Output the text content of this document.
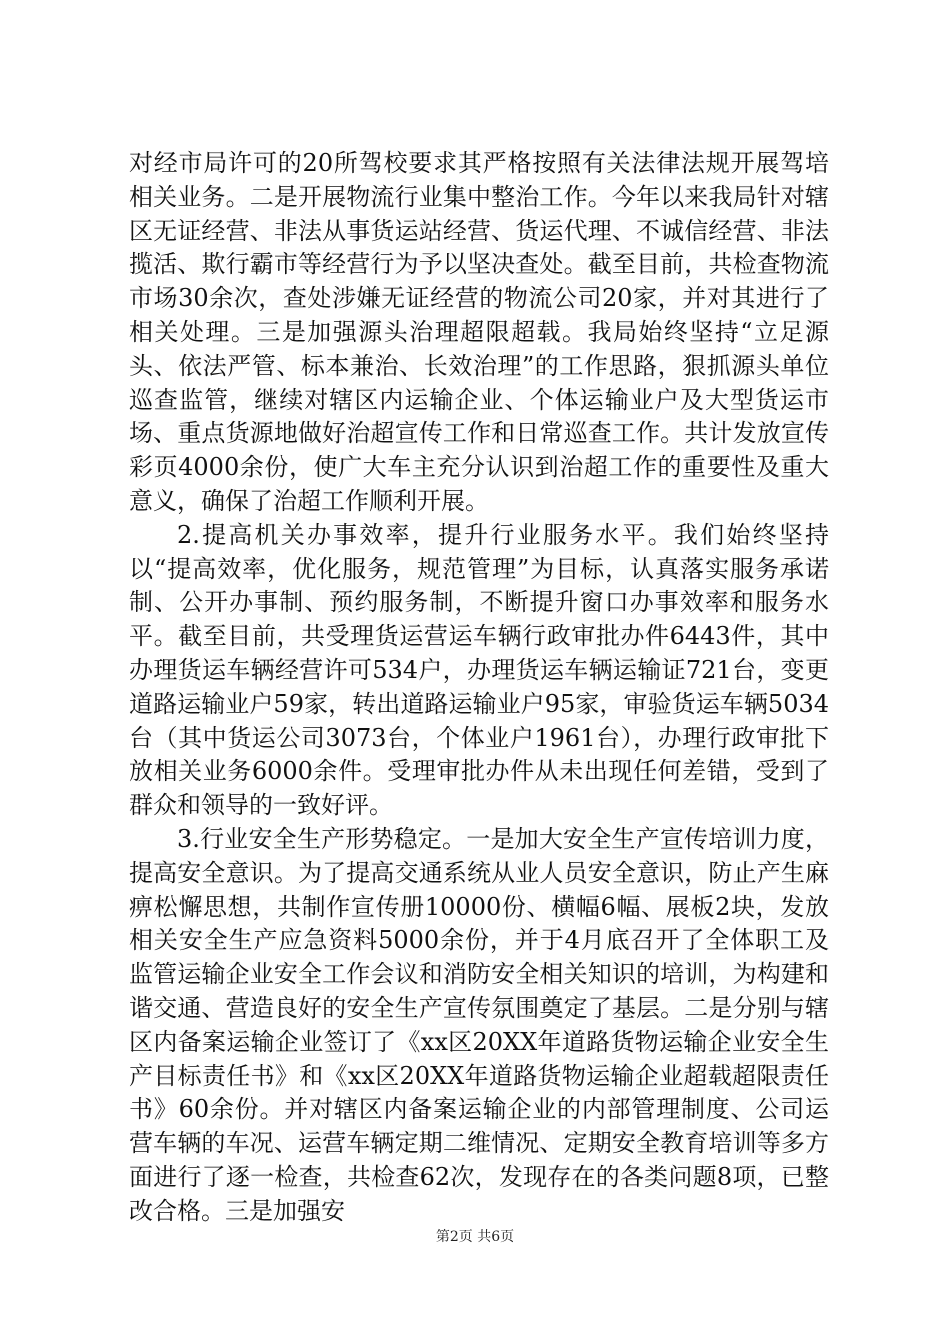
对经市局许可的20所驾校要求其严格按照有关法律法规开展驾培相关业务。二是开展物流行业集中整治工作。今年以来我局针对辖区无证经营、非法从事货运站经营、货运代理、不诚信经营、非法揽活、欺行霸市等经营行为予以坚决查处。截至目前，共检查物流市场30余次，查处涉嫌无证经营的物流公司20家，并对其进行了相关处理。三是加强源头治理超限超载。我局始终坚持“立足源头、依法严管、标本兼治、长效治理”的工作思路，狠抓源头单位巡查监管，继续对辖区内运输企业、个体运输业户及大型货运市场、重点货源地做好治超宣传工作和日常巡查工作。共计发放宣传彩页4000余份，使广大车主充分认识到治超工作的重要性及重大意义，确保了治超工作顺利开展。

2.提高机关办事效率，提升行业服务水平。我们始终坚持以“提高效率，优化服务，规范管理”为目标，认真落实服务承诺制、公开办事制、预约服务制，不断提升窗口办事效率和服务水平。截至目前，共受理货运营运车辆行政审批办件6443件，其中办理货运车辆经营许可534户，办理货运车辆运输证721台，变更道路运输业户59家，转出道路运输业户95家，审验货运车辆5034台（其中货运公司3073台，个体业户1961台），办理行政审批下放相关业务6000余件。受理审批办件从未出现任何差错，受到了群众和领导的一致好评。

3.行业安全生产形势稳定。一是加大安全生产宣传培训力度，提高安全意识。为了提高交通系统从业人员安全意识，防止产生麻痹松懈思想，共制作宣传册10000份、横幅6幅、展板2块，发放相关安全生产应急资料5000余份，并于4月底召开了全体职工及监管运输企业安全工作会议和消防安全相关知识的培训，为构建和谐交通、营造良好的安全生产宣传氛围奠定了基层。二是分别与辖区内备案运输企业签订了《xx区20XX年道路货物运输企业安全生产目标责任书》和《xx区20XX年道路货物运输企业超载超限责任书》60余份。并对辖区内备案运输企业的内部管理制度、公司运营车辆的车况、运营车辆定期二维情况、定期安全教育培训等多方面进行了逐一检查，共检查62次，发现存在的各类问题8项，已整改合格。三是加强安

第2页 共6页
